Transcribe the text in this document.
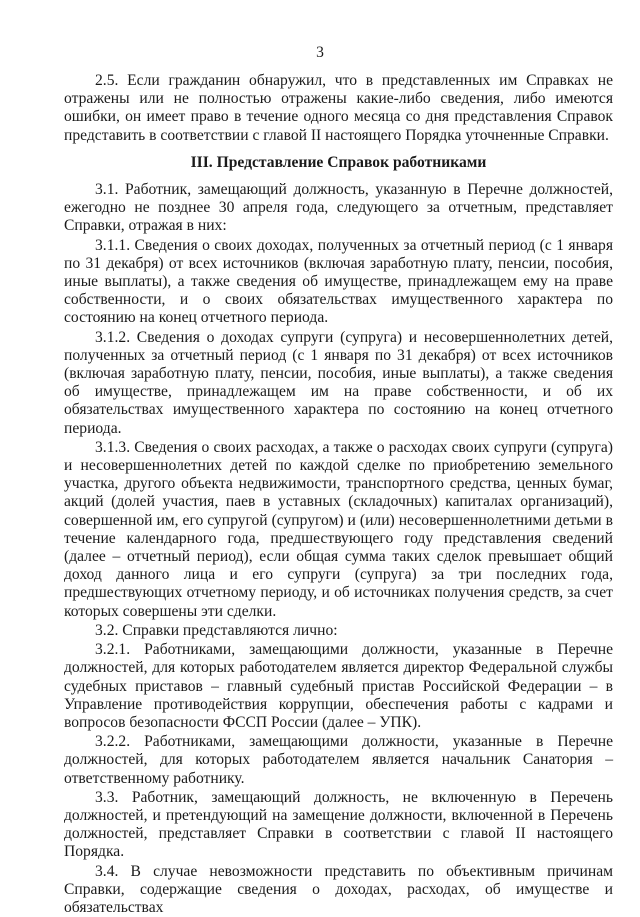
3

2.5. Если гражданин обнаружил, что в представленных им Справках не отражены или не полностью отражены какие-либо сведения, либо имеются ошибки, он имеет право в течение одного месяца со дня представления Справок представить в соответствии с главой II настоящего Порядка уточненные Справки.

III. Представление Справок работниками

3.1. Работник, замещающий должность, указанную в Перечне должностей, ежегодно не позднее 30 апреля года, следующего за отчетным, представляет Справки, отражая в них:

3.1.1. Сведения о своих доходах, полученных за отчетный период (с 1 января по 31 декабря) от всех источников (включая заработную плату, пенсии, пособия, иные выплаты), а также сведения об имуществе, принадлежащем ему на праве собственности, и о своих обязательствах имущественного характера по состоянию на конец отчетного периода.

3.1.2. Сведения о доходах супруги (супруга) и несовершеннолетних детей, полученных за отчетный период (с 1 января по 31 декабря) от всех источников (включая заработную плату, пенсии, пособия, иные выплаты), а также сведения об имуществе, принадлежащем им на праве собственности, и об их обязательствах имущественного характера по состоянию на конец отчетного периода.

3.1.3. Сведения о своих расходах, а также о расходах своих супруги (супруга) и несовершеннолетних детей по каждой сделке по приобретению земельного участка, другого объекта недвижимости, транспортного средства, ценных бумаг, акций (долей участия, паев в уставных (складочных) капиталах организаций), совершенной им, его супругой (супругом) и (или) несовершеннолетними детьми в течение календарного года, предшествующего году представления сведений (далее – отчетный период), если общая сумма таких сделок превышает общий доход данного лица и его супруги (супруга) за три последних года, предшествующих отчетному периоду, и об источниках получения средств, за счет которых совершены эти сделки.

3.2. Справки представляются лично:

3.2.1. Работниками, замещающими должности, указанные в Перечне должностей, для которых работодателем является директор Федеральной службы судебных приставов – главный судебный пристав Российской Федерации – в Управление противодействия коррупции, обеспечения работы с кадрами и вопросов безопасности ФССП России (далее – УПК).

3.2.2. Работниками, замещающими должности, указанные в Перечне должностей, для которых работодателем является начальник Санатория – ответственному работнику.

3.3. Работник, замещающий должность, не включенную в Перечень должностей, и претендующий на замещение должности, включенной в Перечень должностей, представляет Справки в соответствии с главой II настоящего Порядка.

3.4. В случае невозможности представить по объективным причинам Справки, содержащие сведения о доходах, расходах, об имуществе и обязательствах
